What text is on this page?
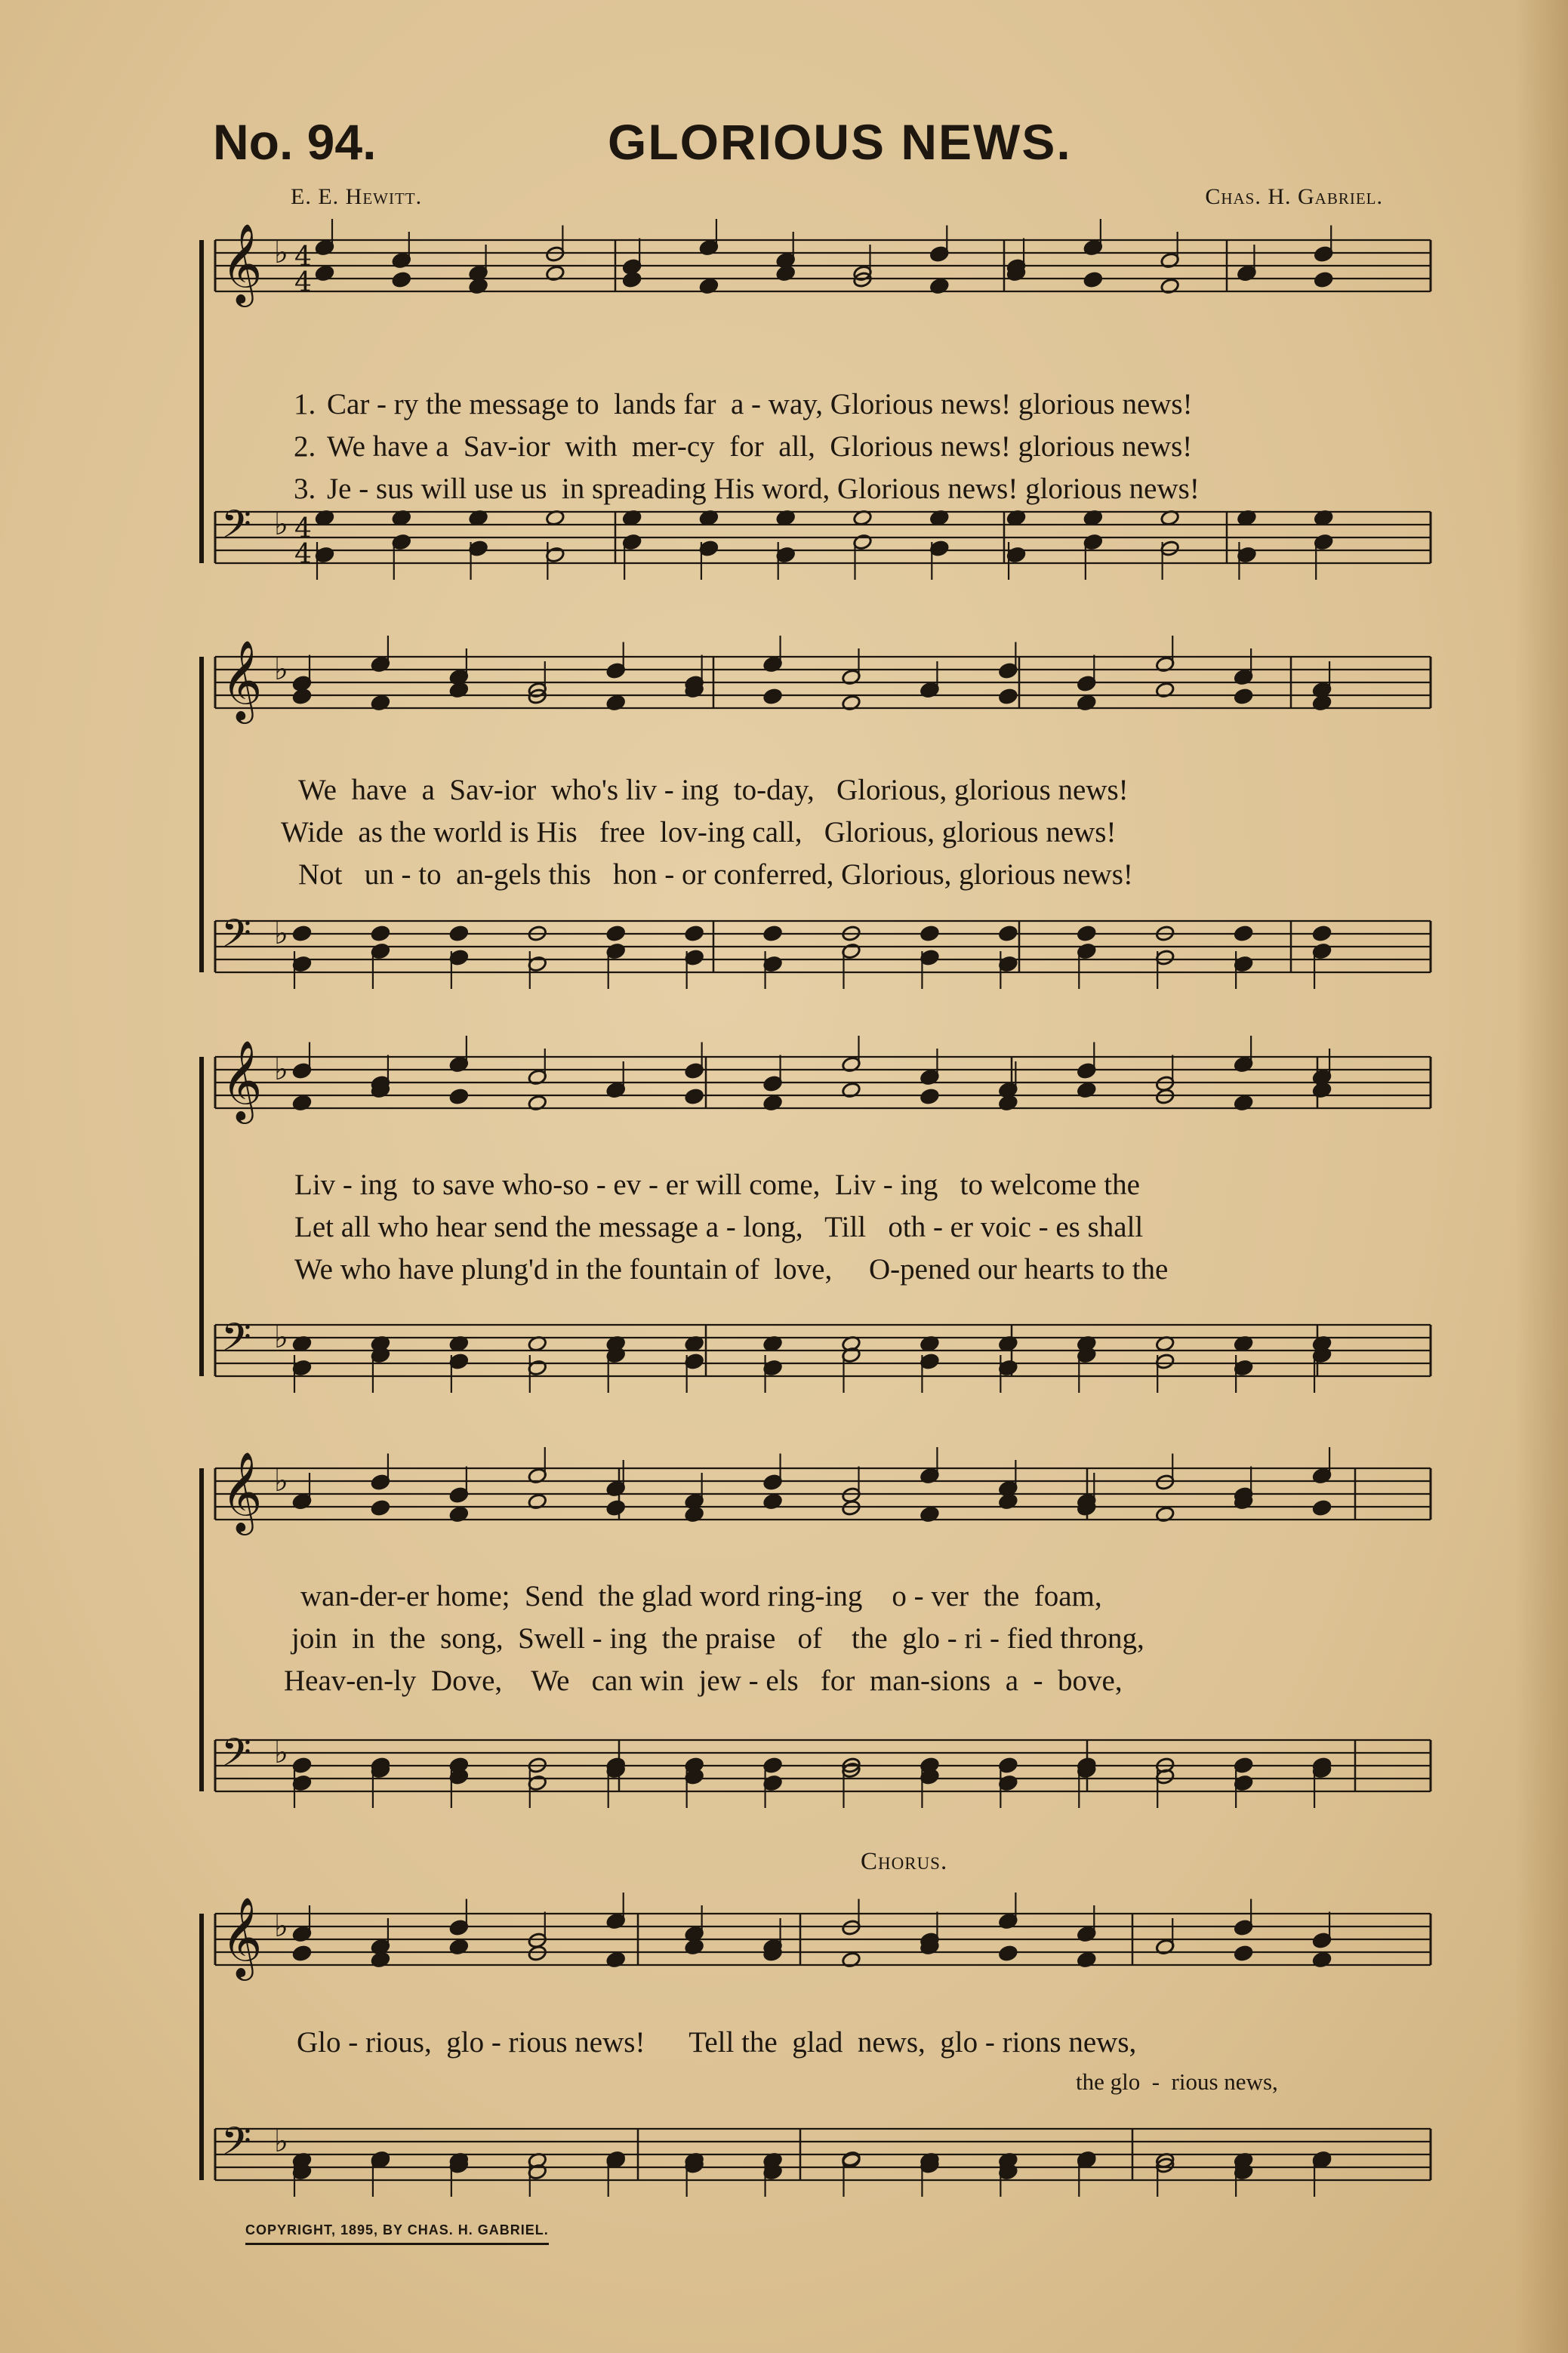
No. 94.	GLORIOUS NEWS.
E. E. Hewitt.	Chas. H. Gabriel.
𝄞 ♭ 4
4
𝄢 ♭ 4
4
𝄞 ♭
𝄢 ♭
𝄞 ♭
𝄢 ♭
𝄞 ♭
𝄢 ♭
𝄞 ♭
𝄢 ♭

1. Car - ry the message to  lands far  a - way, Glorious news! glorious news!

2. We have a  Sav-ior  with  mer-cy  for  all,  Glorious news! glorious news!

3. Je - sus will use us  in spreading His word, Glorious news! glorious news!

We  have  a  Sav-ior  who's liv - ing  to-day,   Glorious, glorious news!
Wide  as the world is His   free  lov-ing call,   Glorious, glorious news!
Not   un - to  an-gels this   hon - or conferred, Glorious, glorious news!
Liv - ing  to save who-so - ev - er will come,  Liv - ing   to welcome the
Let all who hear send the message a - long,   Till   oth - er voic - es shall
We who have plung'd in the fountain of  love,     O-pened our hearts to the
wan-der-er home;  Send  the glad word ring-ing    o - ver  the  foam,
join  in  the  song,  Swell - ing  the praise   of    the  glo - ri - fied throng,
Heav-en-ly  Dove,    We   can win  jew - els   for  man-sions  a  -  bove,
Chorus.
Glo - rious,  glo - rious news!      Tell the  glad  news,  glo - rions news,
the glo  -  rious news,
COPYRIGHT, 1895, BY CHAS. H. GABRIEL.
